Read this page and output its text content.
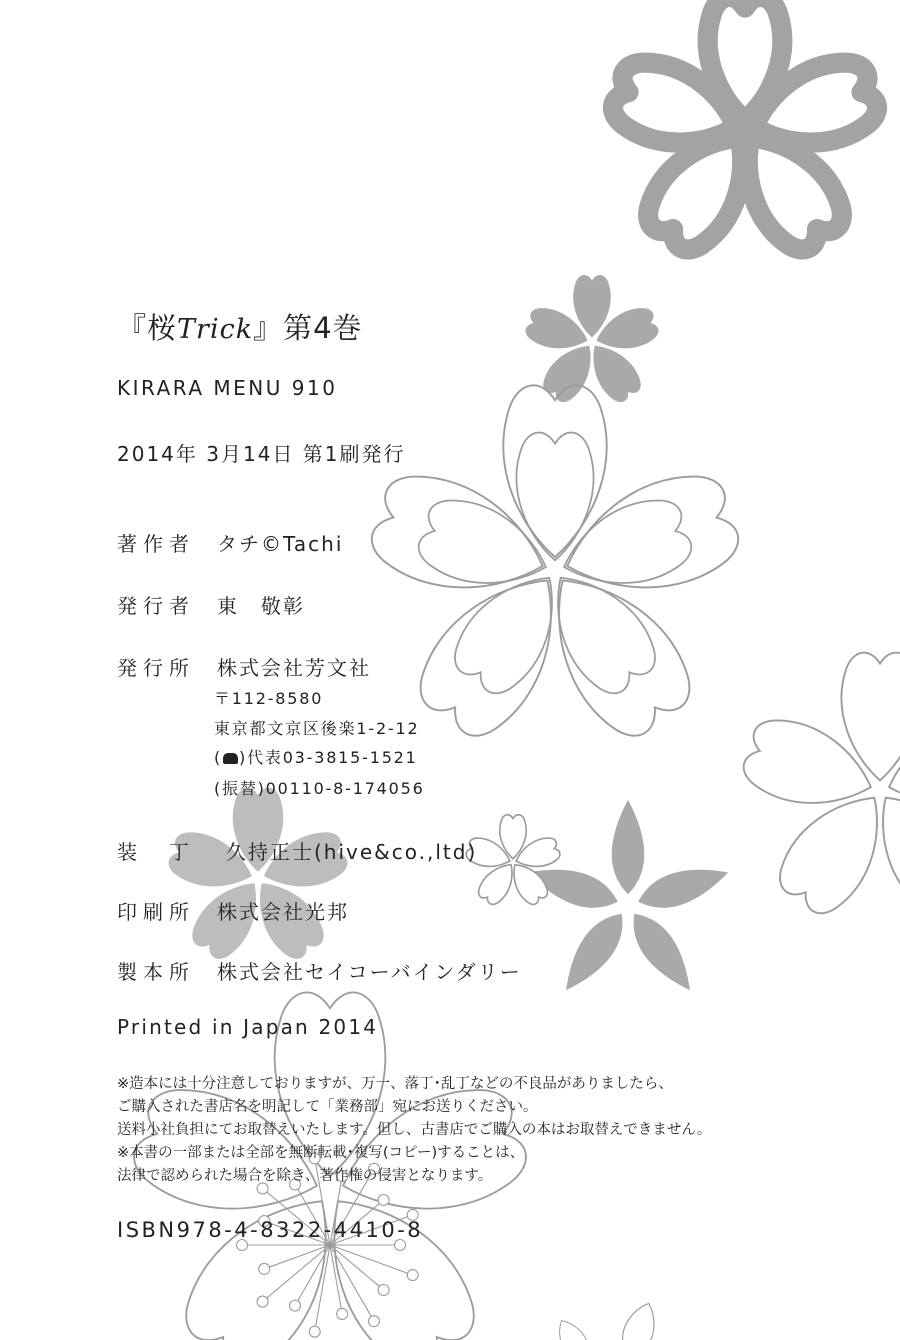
『桜Trick』第4巻
KIRARA MENU 910
2014年 3月14日 第1刷発行
著作者 タチ©Tachi
発行者 東　敬彰
発行所 株式会社芳文社
〒112-8580
東京都文京区後楽1-2-12
( )代表03-3815-1521
(振替)00110-8-174056
装　丁 久持正士(hive&co.,ltd)
印刷所 株式会社光邦
製本所 株式会社セイコーバインダリー
Printed in Japan 2014
※造本には十分注意しておりますが、万一、落丁･乱丁などの不良品がありましたら、
ご購入された書店名を明記して「業務部」宛にお送りください。
送料小社負担にてお取替えいたします。但し、古書店でご購入の本はお取替えできません。
※本書の一部または全部を無断転載･複写(コピー)することは、
法律で認められた場合を除き、著作権の侵害となります。
ISBN978-4-8322-4410-8
